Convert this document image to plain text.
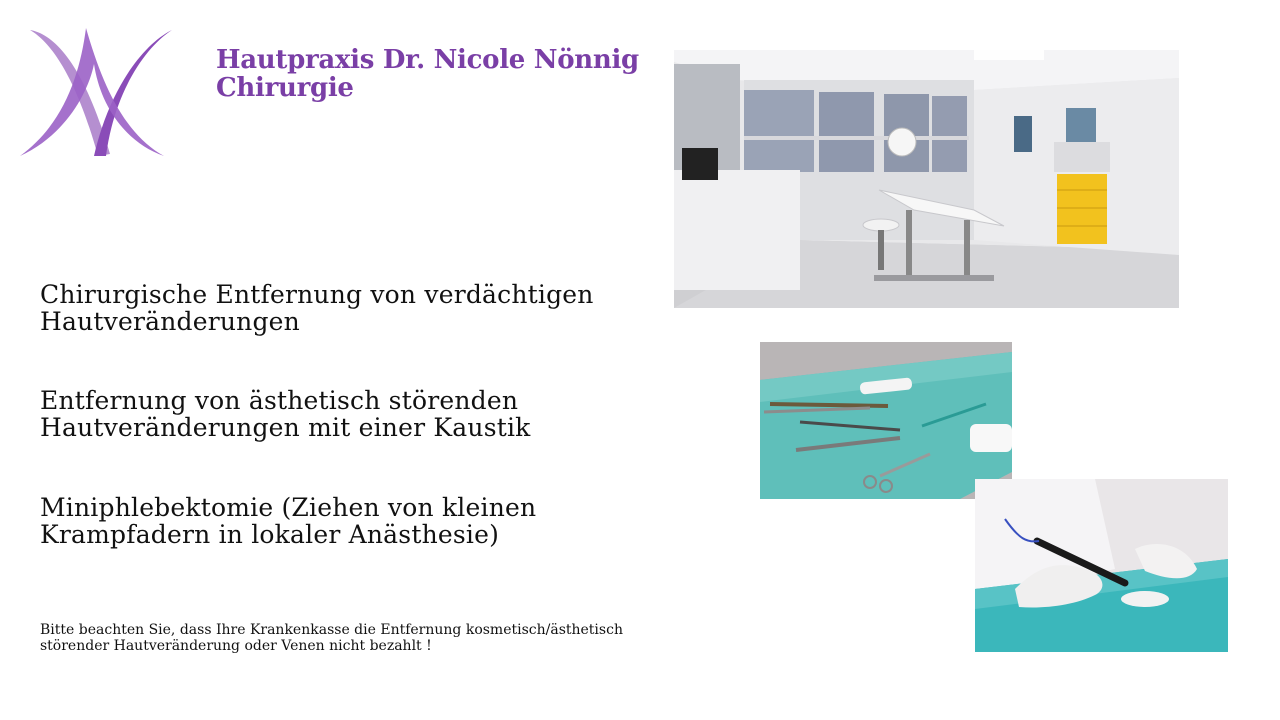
Hautpraxis Dr. Nicole Nönnig
Chirurgie
Chirurgische Entfernung von verdächtigen
Hautveränderungen
Entfernung von ästhetisch störenden
Hautveränderungen mit einer Kaustik
Miniphlebektomie (Ziehen von kleinen
Krampfadern in lokaler Anästhesie)
Bitte beachten Sie, dass Ihre Krankenkasse die Entfernung kosmetisch/ästhetisch
störender Hautveränderung oder Venen nicht bezahlt !
